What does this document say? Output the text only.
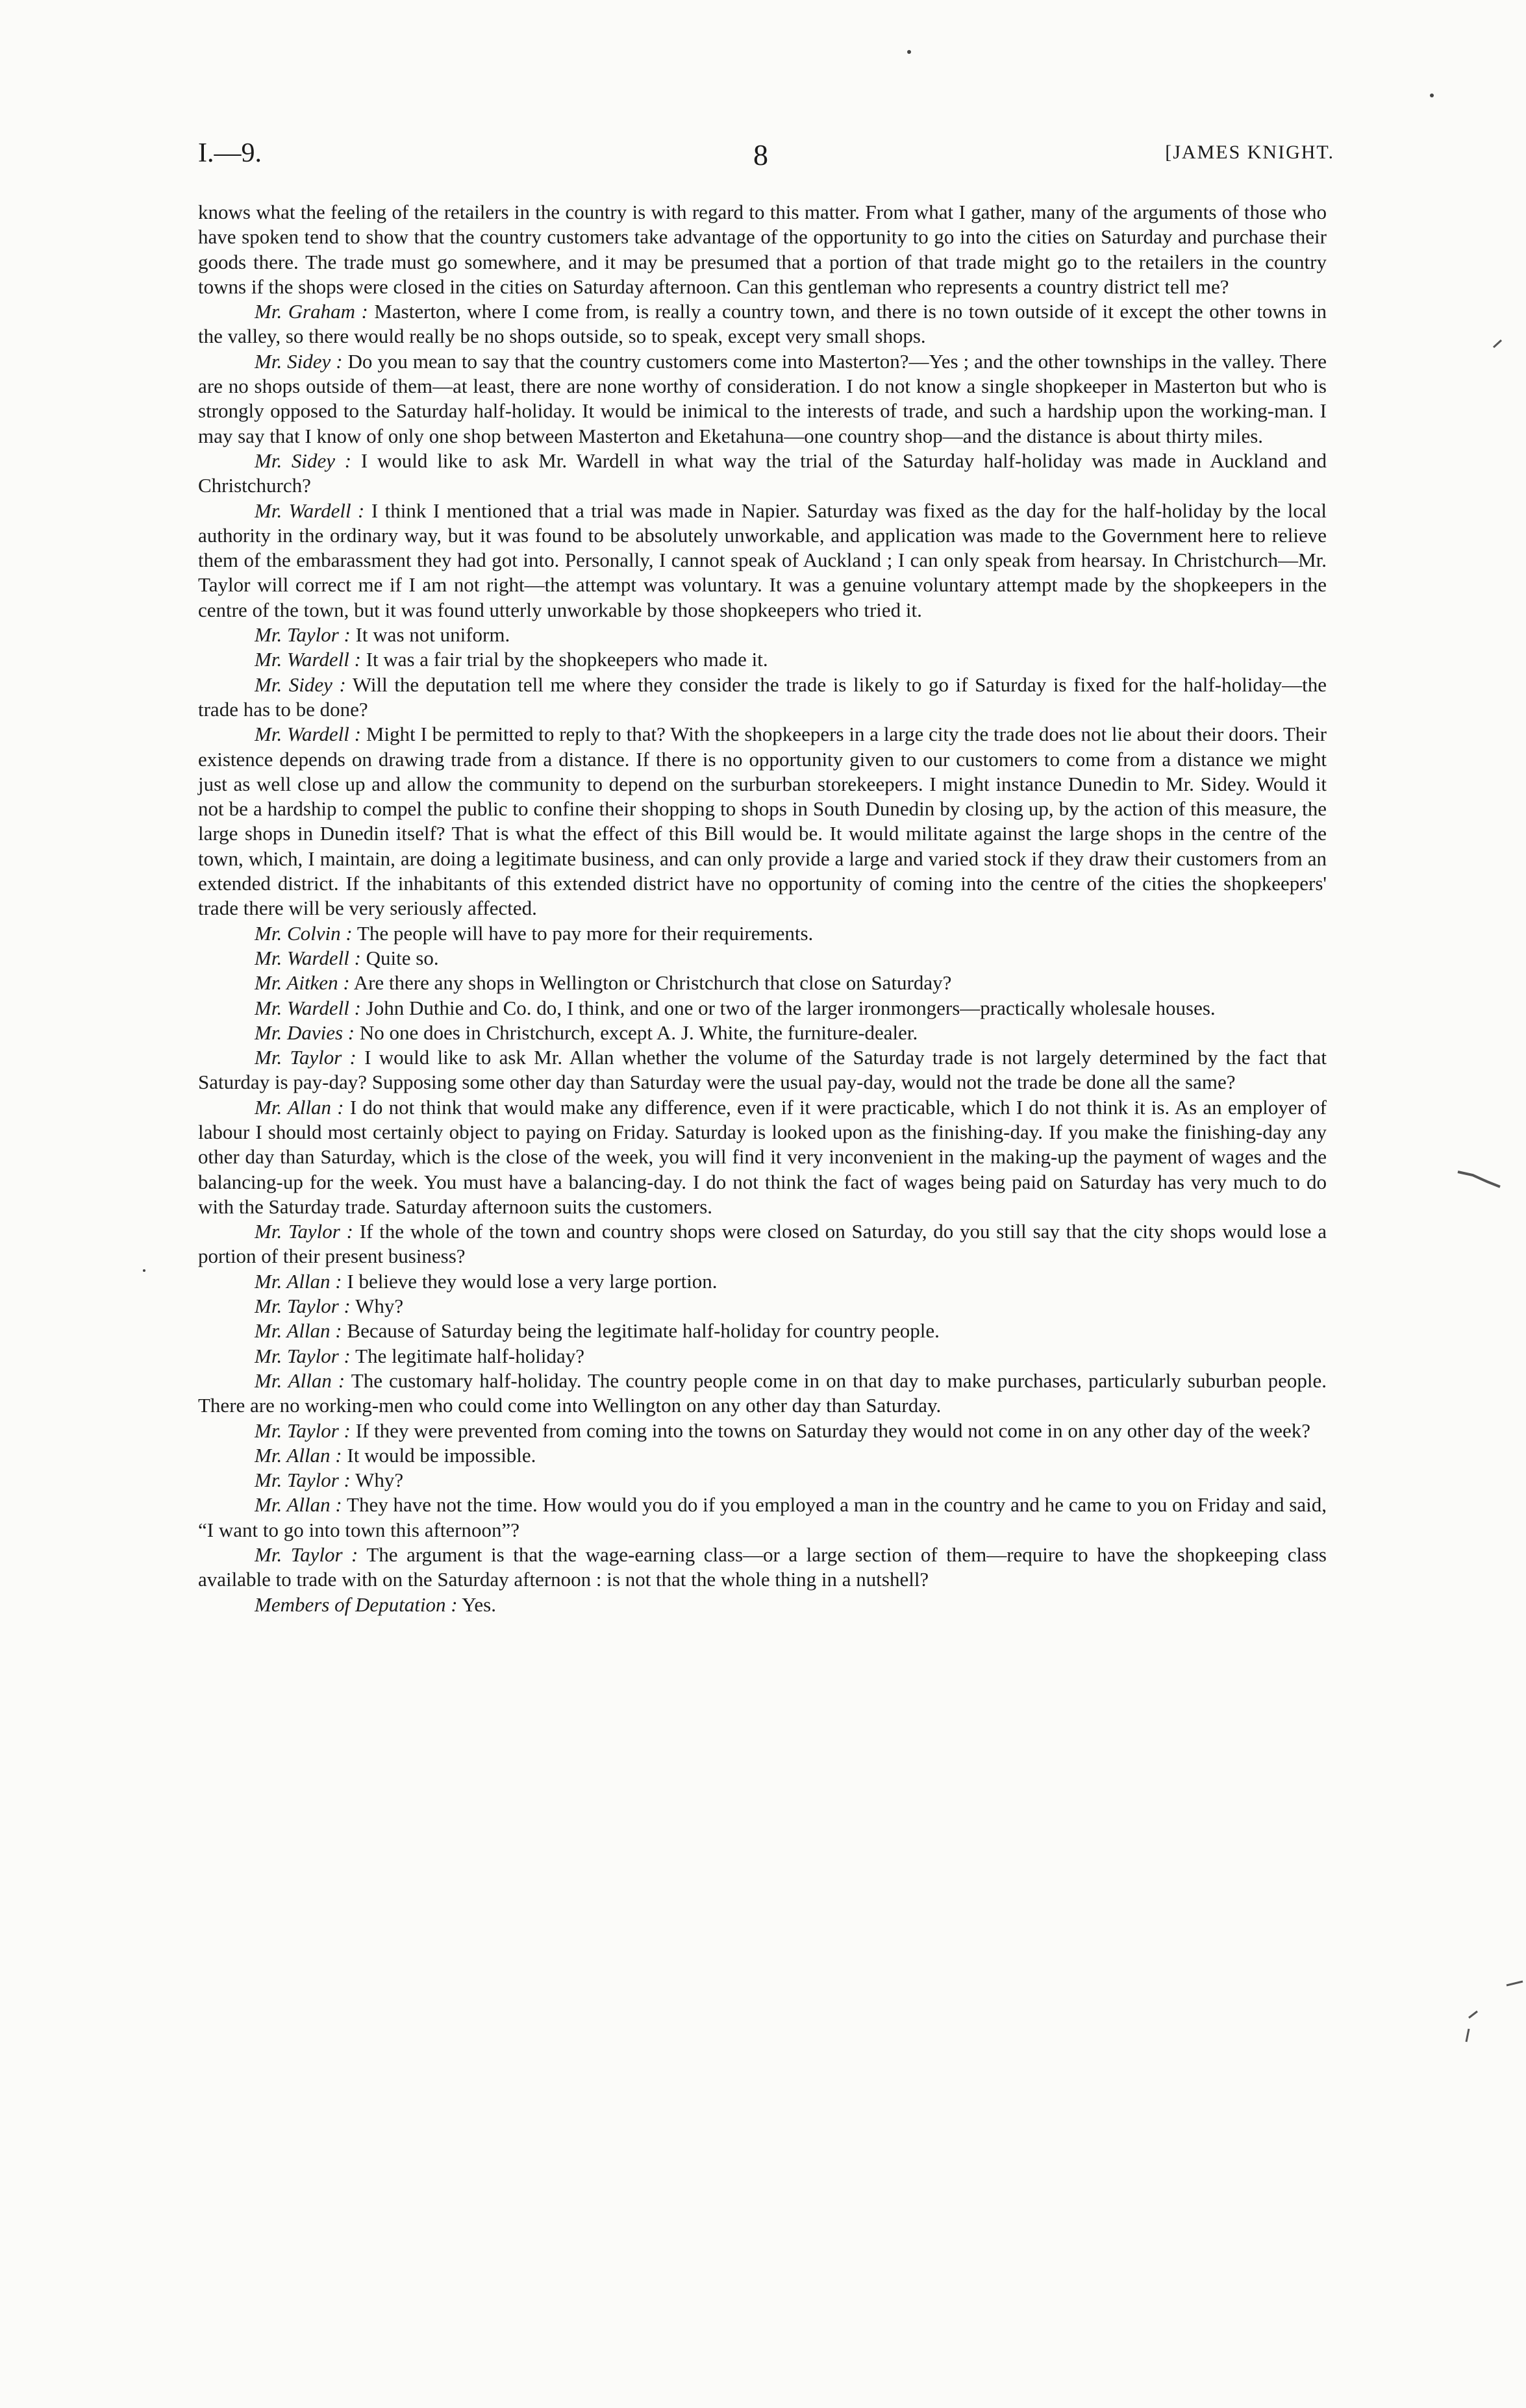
I.—9.	8	[JAMES KNIGHT.

knows what the feeling of the retailers in the country is with regard to this matter. From what I gather, many of the arguments of those who have spoken tend to show that the country customers take advantage of the opportunity to go into the cities on Saturday and purchase their goods there. The trade must go somewhere, and it may be presumed that a portion of that trade might go to the retailers in the country towns if the shops were closed in the cities on Saturday afternoon. Can this gentleman who represents a country district tell me?

Mr. Graham : Masterton, where I come from, is really a country town, and there is no town outside of it except the other towns in the valley, so there would really be no shops outside, so to speak, except very small shops.

Mr. Sidey : Do you mean to say that the country customers come into Masterton?—Yes ; and the other townships in the valley. There are no shops outside of them—at least, there are none worthy of consideration. I do not know a single shopkeeper in Masterton but who is strongly opposed to the Saturday half-holiday. It would be inimical to the interests of trade, and such a hardship upon the working-man. I may say that I know of only one shop between Masterton and Eketahuna—one country shop—and the distance is about thirty miles.

Mr. Sidey : I would like to ask Mr. Wardell in what way the trial of the Saturday half-holiday was made in Auckland and Christchurch?

Mr. Wardell : I think I mentioned that a trial was made in Napier. Saturday was fixed as the day for the half-holiday by the local authority in the ordinary way, but it was found to be absolutely unworkable, and application was made to the Government here to relieve them of the embarassment they had got into. Personally, I cannot speak of Auckland ; I can only speak from hearsay. In Christchurch—Mr. Taylor will correct me if I am not right—the attempt was voluntary. It was a genuine voluntary attempt made by the shopkeepers in the centre of the town, but it was found utterly unworkable by those shopkeepers who tried it.

Mr. Taylor : It was not uniform.

Mr. Wardell : It was a fair trial by the shopkeepers who made it.

Mr. Sidey : Will the deputation tell me where they consider the trade is likely to go if Saturday is fixed for the half-holiday—the trade has to be done?

Mr. Wardell : Might I be permitted to reply to that? With the shopkeepers in a large city the trade does not lie about their doors. Their existence depends on drawing trade from a distance. If there is no opportunity given to our customers to come from a distance we might just as well close up and allow the community to depend on the surburban storekeepers. I might instance Dunedin to Mr. Sidey. Would it not be a hardship to compel the public to confine their shopping to shops in South Dunedin by closing up, by the action of this measure, the large shops in Dunedin itself? That is what the effect of this Bill would be. It would militate against the large shops in the centre of the town, which, I maintain, are doing a legitimate business, and can only provide a large and varied stock if they draw their customers from an extended district. If the inhabitants of this extended district have no opportunity of coming into the centre of the cities the shopkeepers' trade there will be very seriously affected.

Mr. Colvin : The people will have to pay more for their requirements.

Mr. Wardell : Quite so.

Mr. Aitken : Are there any shops in Wellington or Christchurch that close on Saturday?

Mr. Wardell : John Duthie and Co. do, I think, and one or two of the larger ironmongers—practically wholesale houses.

Mr. Davies : No one does in Christchurch, except A. J. White, the furniture-dealer.

Mr. Taylor : I would like to ask Mr. Allan whether the volume of the Saturday trade is not largely determined by the fact that Saturday is pay-day? Supposing some other day than Saturday were the usual pay-day, would not the trade be done all the same?

Mr. Allan : I do not think that would make any difference, even if it were practicable, which I do not think it is. As an employer of labour I should most certainly object to paying on Friday. Saturday is looked upon as the finishing-day. If you make the finishing-day any other day than Saturday, which is the close of the week, you will find it very inconvenient in the making-up the payment of wages and the balancing-up for the week. You must have a balancing-day. I do not think the fact of wages being paid on Saturday has very much to do with the Saturday trade. Saturday afternoon suits the customers.

Mr. Taylor : If the whole of the town and country shops were closed on Saturday, do you still say that the city shops would lose a portion of their present business?

Mr. Allan : I believe they would lose a very large portion.

Mr. Taylor : Why?

Mr. Allan : Because of Saturday being the legitimate half-holiday for country people.

Mr. Taylor : The legitimate half-holiday?

Mr. Allan : The customary half-holiday. The country people come in on that day to make purchases, particularly suburban people. There are no working-men who could come into Wellington on any other day than Saturday.

Mr. Taylor : If they were prevented from coming into the towns on Saturday they would not come in on any other day of the week?

Mr. Allan : It would be impossible.

Mr. Taylor : Why?

Mr. Allan : They have not the time. How would you do if you employed a man in the country and he came to you on Friday and said, “I want to go into town this afternoon”?

Mr. Taylor : The argument is that the wage-earning class—or a large section of them—require to have the shopkeeping class available to trade with on the Saturday afternoon : is not that the whole thing in a nutshell?

Members of Deputation : Yes.
